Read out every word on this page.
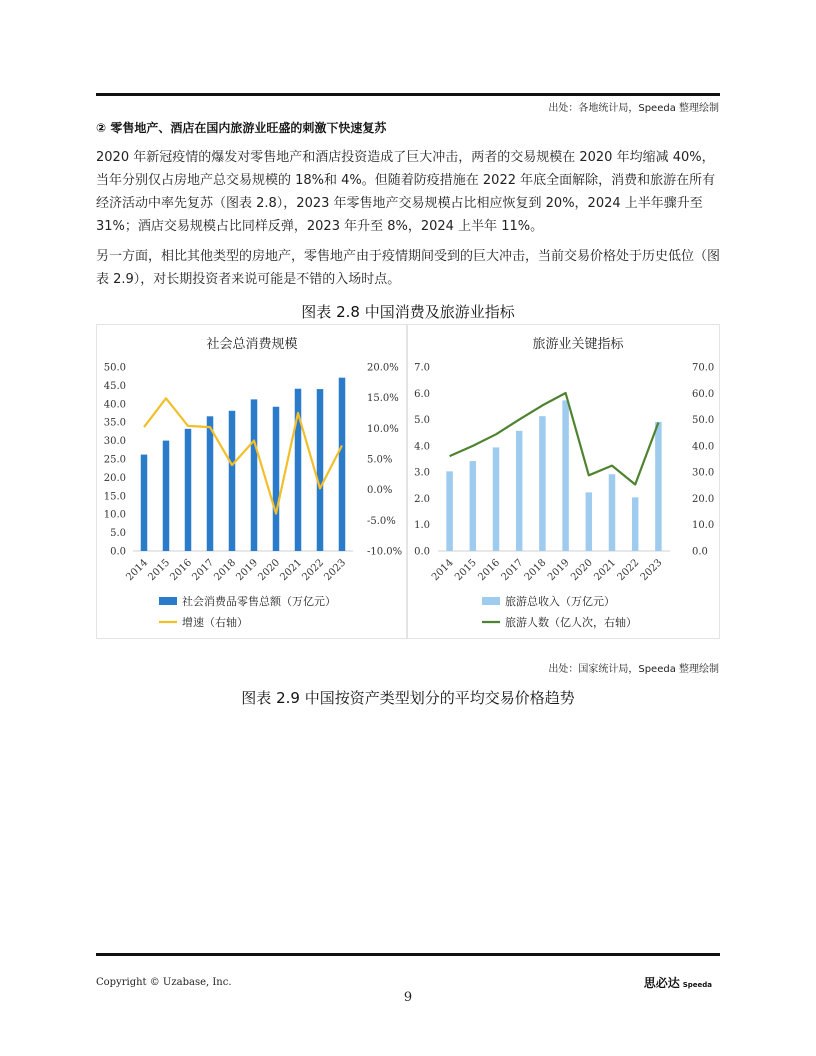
出处：各地统计局，Speeda 整理绘制
② 零售地产、酒店在国内旅游业旺盛的刺激下快速复苏

2020 年新冠疫情的爆发对零售地产和酒店投资造成了巨大冲击，两者的交易规模在 2020 年均缩减 40%，当年分别仅占房地产总交易规模的 18%和 4%。但随着防疫措施在 2022 年底全面解除，消费和旅游在所有经济活动中率先复苏（图表 2.8），2023 年零售地产交易规模占比相应恢复到 20%，2024 上半年骤升至 31%；酒店交易规模占比同样反弹，2023 年升至 8%，2024 上半年 11%。

另一方面，相比其他类型的房地产，零售地产由于疫情期间受到的巨大冲击，当前交易价格处于历史低位（图表 2.9），对长期投资者来说可能是不错的入场时点。

图表 2.8 中国消费及旅游业指标
社会总消费规模
0.0
5.0
10.0
15.0
20.0
25.0
30.0
35.0
40.0
45.0
50.0
-10.0%
-5.0%
0.0%
5.0%
10.0%
15.0%
20.0%
2014
2015
2016
2017
2018
2019
2020
2021
2022
2023
社会消费品零售总额（万亿元）
增速（右轴）
旅游业关键指标
0.0
1.0
2.0
3.0
4.0
5.0
6.0
7.0
0.0
10.0
20.0
30.0
40.0
50.0
60.0
70.0
2014
2015
2016
2017
2018
2019
2020
2021
2022
2023
旅游总收入（万亿元）
旅游人数（亿人次，右轴）
出处：国家统计局，Speeda 整理绘制
图表 2.9 中国按资产类型划分的平均交易价格趋势
Copyright © Uzabase, Inc.	思必达 Speeda
9
